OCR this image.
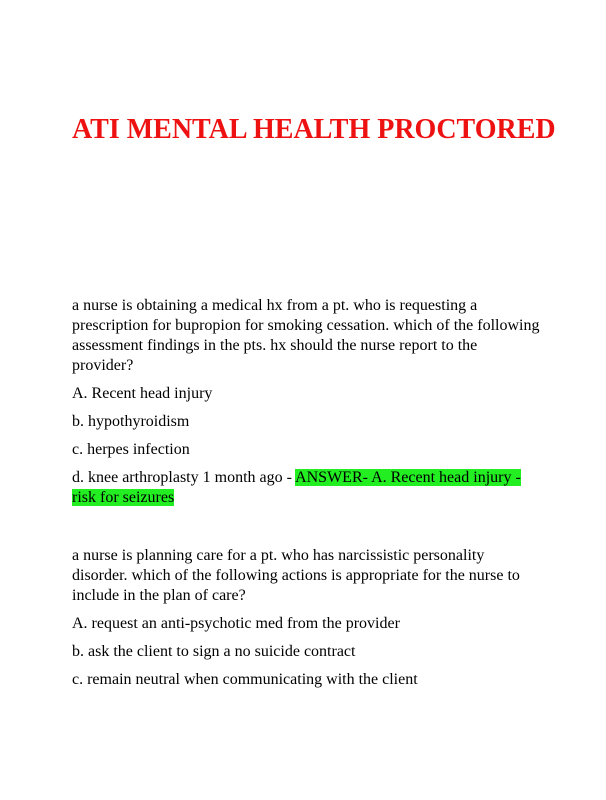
ATI MENTAL HEALTH PROCTORED

a nurse is obtaining a medical hx from a pt. who is requesting a prescription for bupropion for smoking cessation. which of the following assessment findings in the pts. hx should the nurse report to the provider?

A. Recent head injury

b. hypothyroidism

c. herpes infection

d. knee arthroplasty 1 month ago - ANSWER- A. Recent head injury - risk for seizures

a nurse is planning care for a pt. who has narcissistic personality disorder. which of the following actions is appropriate for the nurse to include in the plan of care?

A. request an anti-psychotic med from the provider

b. ask the client to sign a no suicide contract

c. remain neutral when communicating with the client
